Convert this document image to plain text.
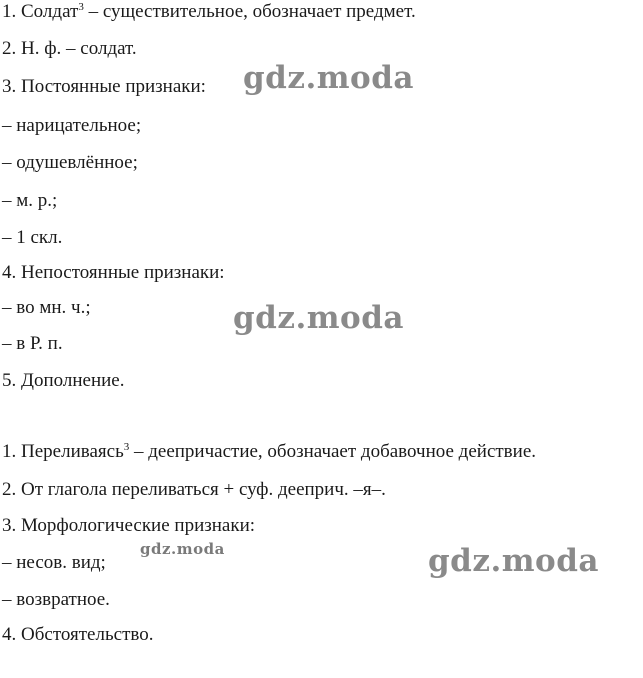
1. Солдат$^3$ – существительное, обозначает предмет.
2. Н. ф. – солдат.
3. Постоянные признаки:
– нарицательное;
– одушевлённое;
– м. р.;
– 1 скл.
4. Непостоянные признаки:
– во мн. ч.;
– в Р. п.
5. Дополнение.
1. Переливаясь$^3$ – деепричастие, обозначает добавочное действие.
2. От глагола переливаться + суф. дееприч. –я–.
3. Морфологические признаки:
– несов. вид;
– возвратное.
4. Обстоятельство.
gdz.moda
gdz.moda
gdz.moda
gdz.moda
